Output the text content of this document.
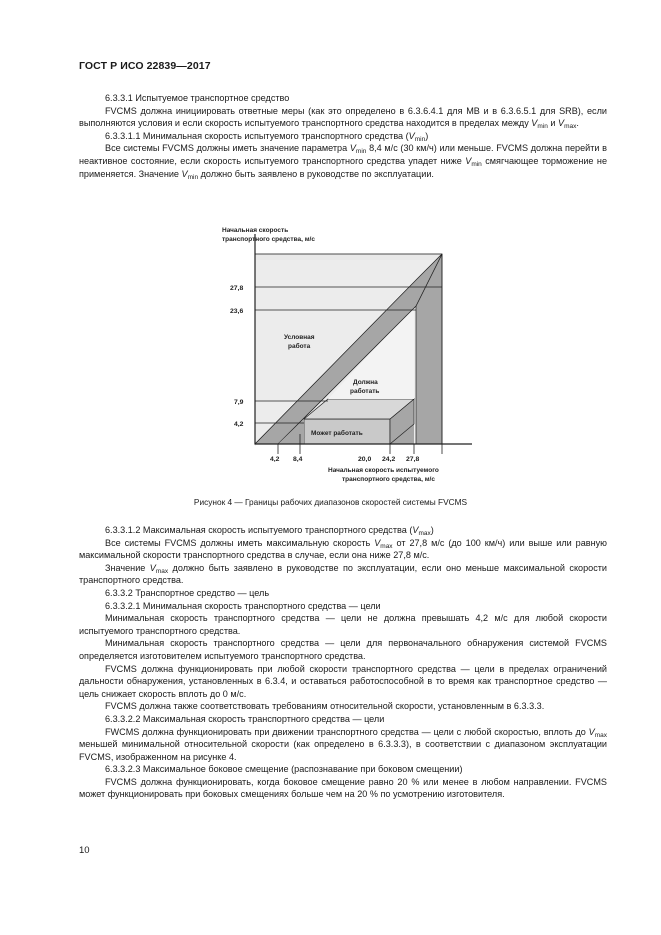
ГОСТ Р ИСО 22839—2017

6.3.3.1 Испытуемое транспортное средство

FVCMS должна инициировать ответные меры (как это определено в 6.3.6.4.1 для MB и в 6.3.6.5.1 для SRB), если выполняются условия и если скорость испытуемого транспортного средства находится в пределах между $V_{min}$ и $V_{max}$.

6.3.3.1.1 Минимальная скорость испытуемого транспортного средства $(V_{min})$

Все системы FVCMS должны иметь значение параметра $V_{min}$ 8,4 м/с (30 км/ч) или меньше. FVCMS должна перейти в неактивное состояние, если скорость испытуемого транспортного средства упадет ниже $V_{min}$ смягчающее торможение не применяется. Значение $V_{min}$ должно быть заявлено в руководстве по эксплуатации.

Начальная скорость
транспортного средства, м/с
Начальная скорость испытуемого
транспортного средства, м/с
27,8
23,6
7,9
4,2
4,2 8,4	20,0 24,2 27,8
Условная
работа
Должна
работать
Может работать
Рисунок 4 — Границы рабочих диапазонов скоростей системы FVCMS

6.3.3.1.2 Максимальная скорость испытуемого транспортного средства $(V_{max})$

Все системы FVCMS должны иметь максимальную скорость $V_{max}$ от 27,8 м/с (до 100 км/ч) или выше или равную максимальной скорости транспортного средства в случае, если она ниже 27,8 м/с.

Значение $V_{max}$ должно быть заявлено в руководстве по эксплуатации, если оно меньше максимальной скорости транспортного средства.

6.3.3.2 Транспортное средство — цель

6.3.3.2.1 Минимальная скорость транспортного средства — цели

Минимальная скорость транспортного средства — цели не должна превышать 4,2 м/с для любой скорости испытуемого транспортного средства.

Минимальная скорость транспортного средства — цели для первоначального обнаружения системой FVCMS определяется изготовителем испытуемого транспортного средства.

FVCMS должна функционировать при любой скорости транспортного средства — цели в пределах ограничений дальности обнаружения, установленных в 6.3.4, и оставаться работоспособной в то время как транспортное средство — цель снижает скорость вплоть до 0 м/с.

FVCMS должна также соответствовать требованиям относительной скорости, установленным в 6.3.3.3.

6.3.3.2.2 Максимальная скорость транспортного средства — цели

FWCMS должна функционировать при движении транспортного средства — цели с любой скоростью, вплоть до $V_{max}$ меньшей минимальной относительной скорости (как определено в 6.3.3.3), в соответствии с диапазоном эксплуатации FVCMS, изображенном на рисунке 4.

6.3.3.2.3 Максимальное боковое смещение (распознавание при боковом смещении)

FVCMS должна функционировать, когда боковое смещение равно 20 % или менее в любом направлении. FVCMS может функционировать при боковых смещениях больше чем на 20 % по усмотрению изготовителя.

10
